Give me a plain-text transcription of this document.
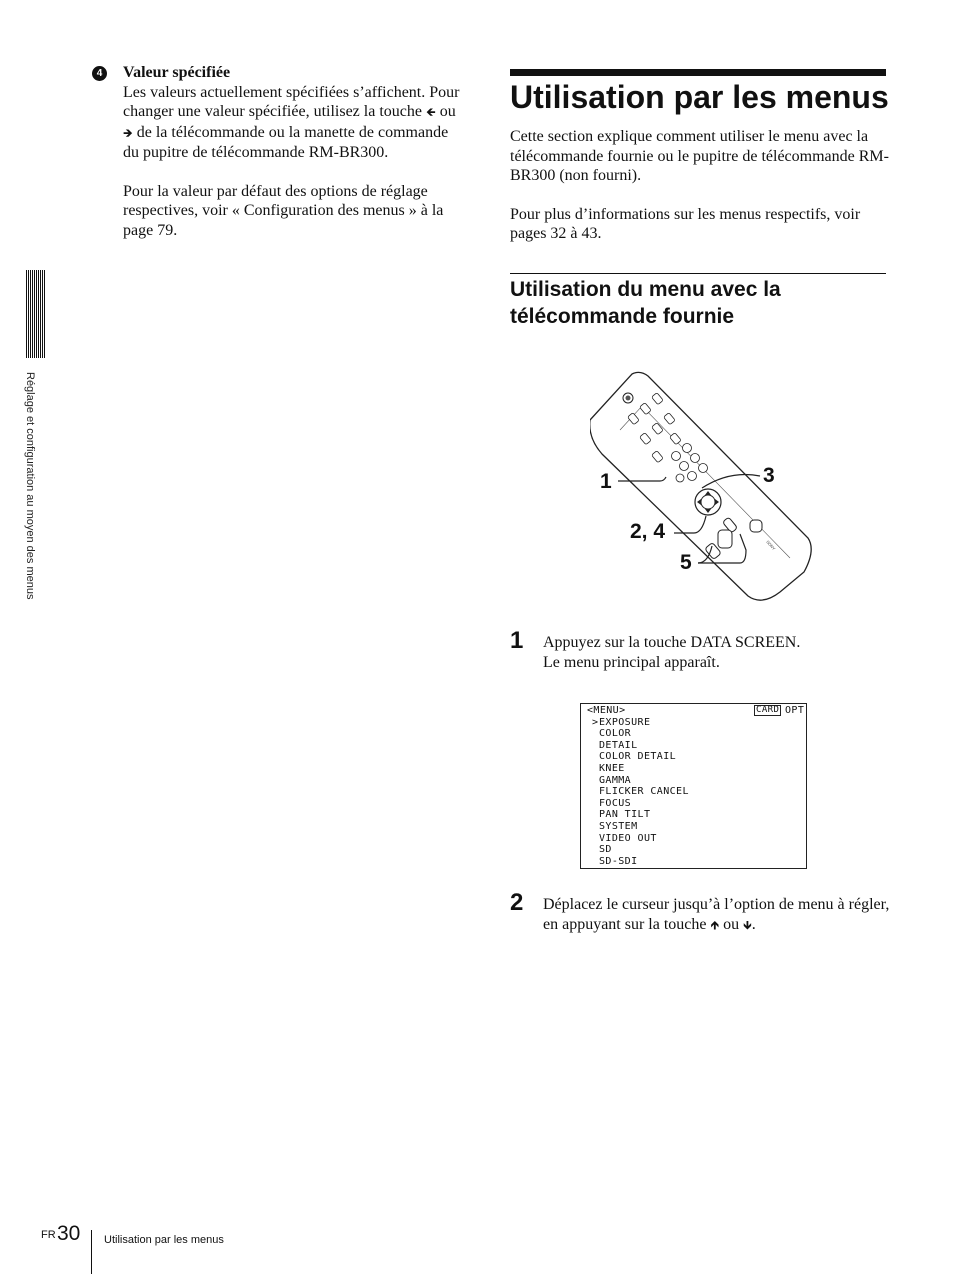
4 Valeur spécifiée

Les valeurs actuellement spécifiées s’affichent. Pour changer une valeur spécifiée, utilisez la touche 🡸 ou 🡺 de la télécommande ou la manette de commande du pupitre de télécommande RM-BR300.

Pour la valeur par défaut des options de réglage respectives, voir « Configuration des menus » à la page 79.

Réglage et configuration au moyen des menus
Utilisation par les menus

Cette section explique comment utiliser le menu avec la télécommande fournie ou le pupitre de télécommande RM-BR300 (non fourni).

Pour plus d’informations sur les menus respectifs, voir pages 32 à 43.

Utilisation du menu avec la télécommande fournie
SONY
1	3
2, 4
5
1 Appuyez sur la touche DATA SCREEN.
Le menu principal apparaît.
<MENU>	CARD OPT
> EXPOSURE
COLOR
DETAIL
COLOR DETAIL
KNEE
GAMMA
FLICKER CANCEL
FOCUS
PAN TILT
SYSTEM
VIDEO OUT
SD
SD-SDI
2 Déplacez le curseur jusqu’à l’option de menu à régler, en appuyant sur la touche 🡹 ou 🡻.
FR 30 Utilisation par les menus
